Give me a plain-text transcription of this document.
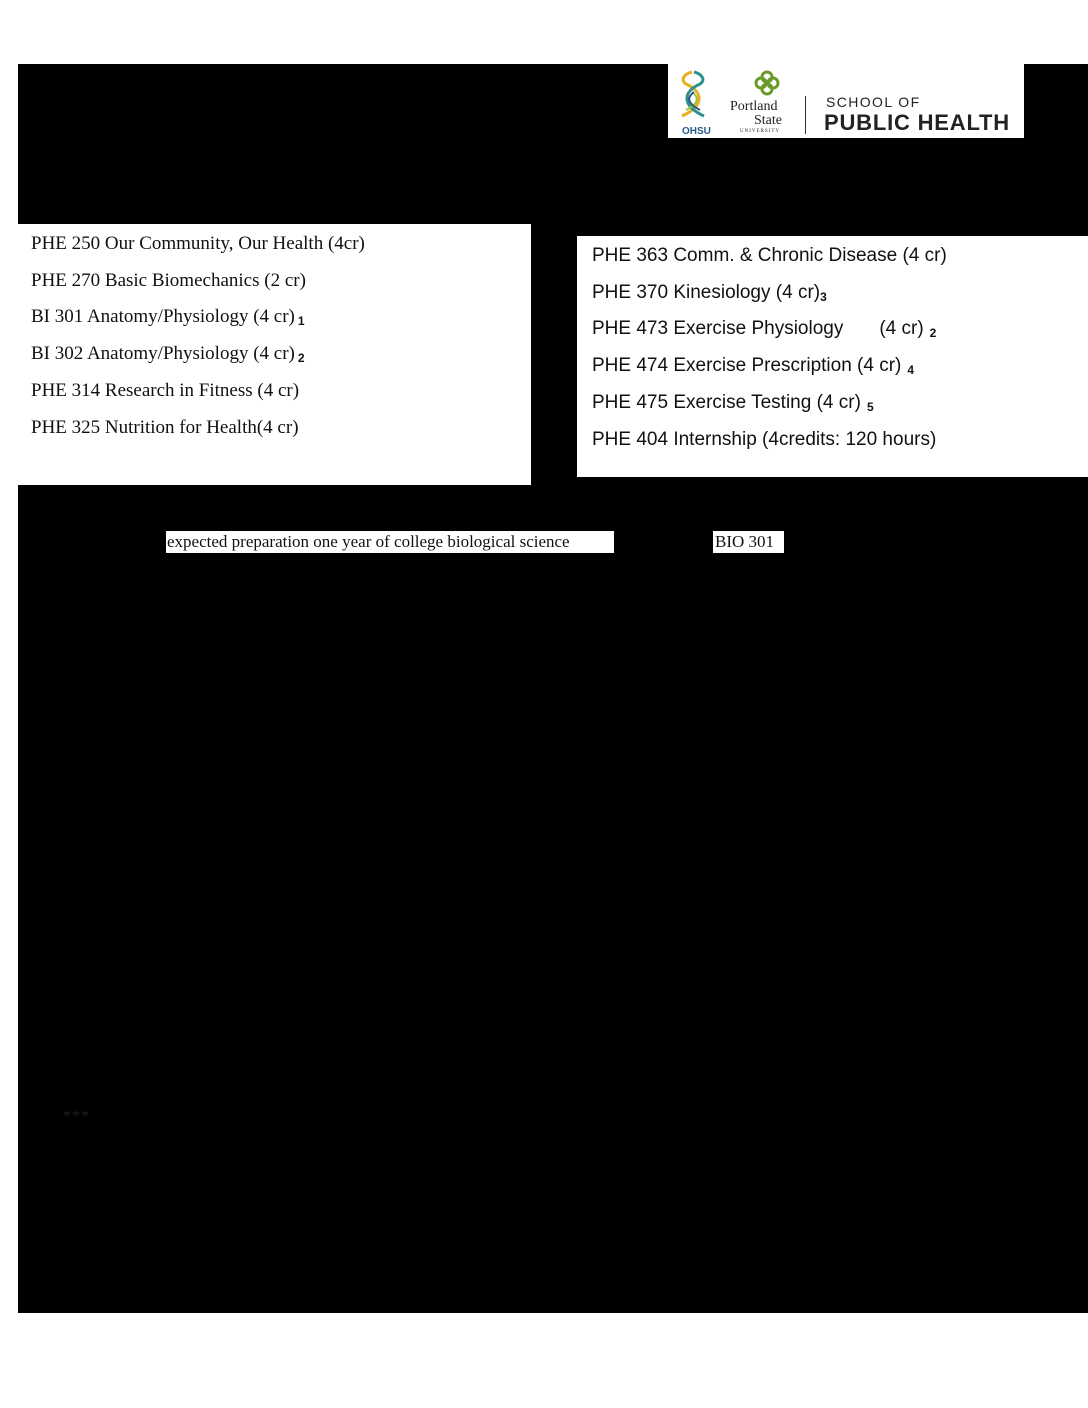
OHSU
Portland
State
UNIVERSITY
SCHOOL OF
PUBLIC HEALTH
PHE 250 Our Community, Our Health (4cr)
PHE 270 Basic Biomechanics (2 cr)
BI 301 Anatomy/Physiology (4 cr) 1
BI 302 Anatomy/Physiology (4 cr) 2
PHE 314 Research in Fitness (4 cr)
PHE 325 Nutrition for Health(4 cr)
PHE 363 Comm. & Chronic Disease (4 cr)
PHE 370 Kinesiology (4 cr)3
PHE 473 Exercise Physiology (4 cr) 2
PHE 474 Exercise Prescription (4 cr) 4
PHE 475 Exercise Testing (4 cr) 5
PHE 404 Internship (4credits: 120 hours)
expected preparation one year of college biological science	BIO 301
***
